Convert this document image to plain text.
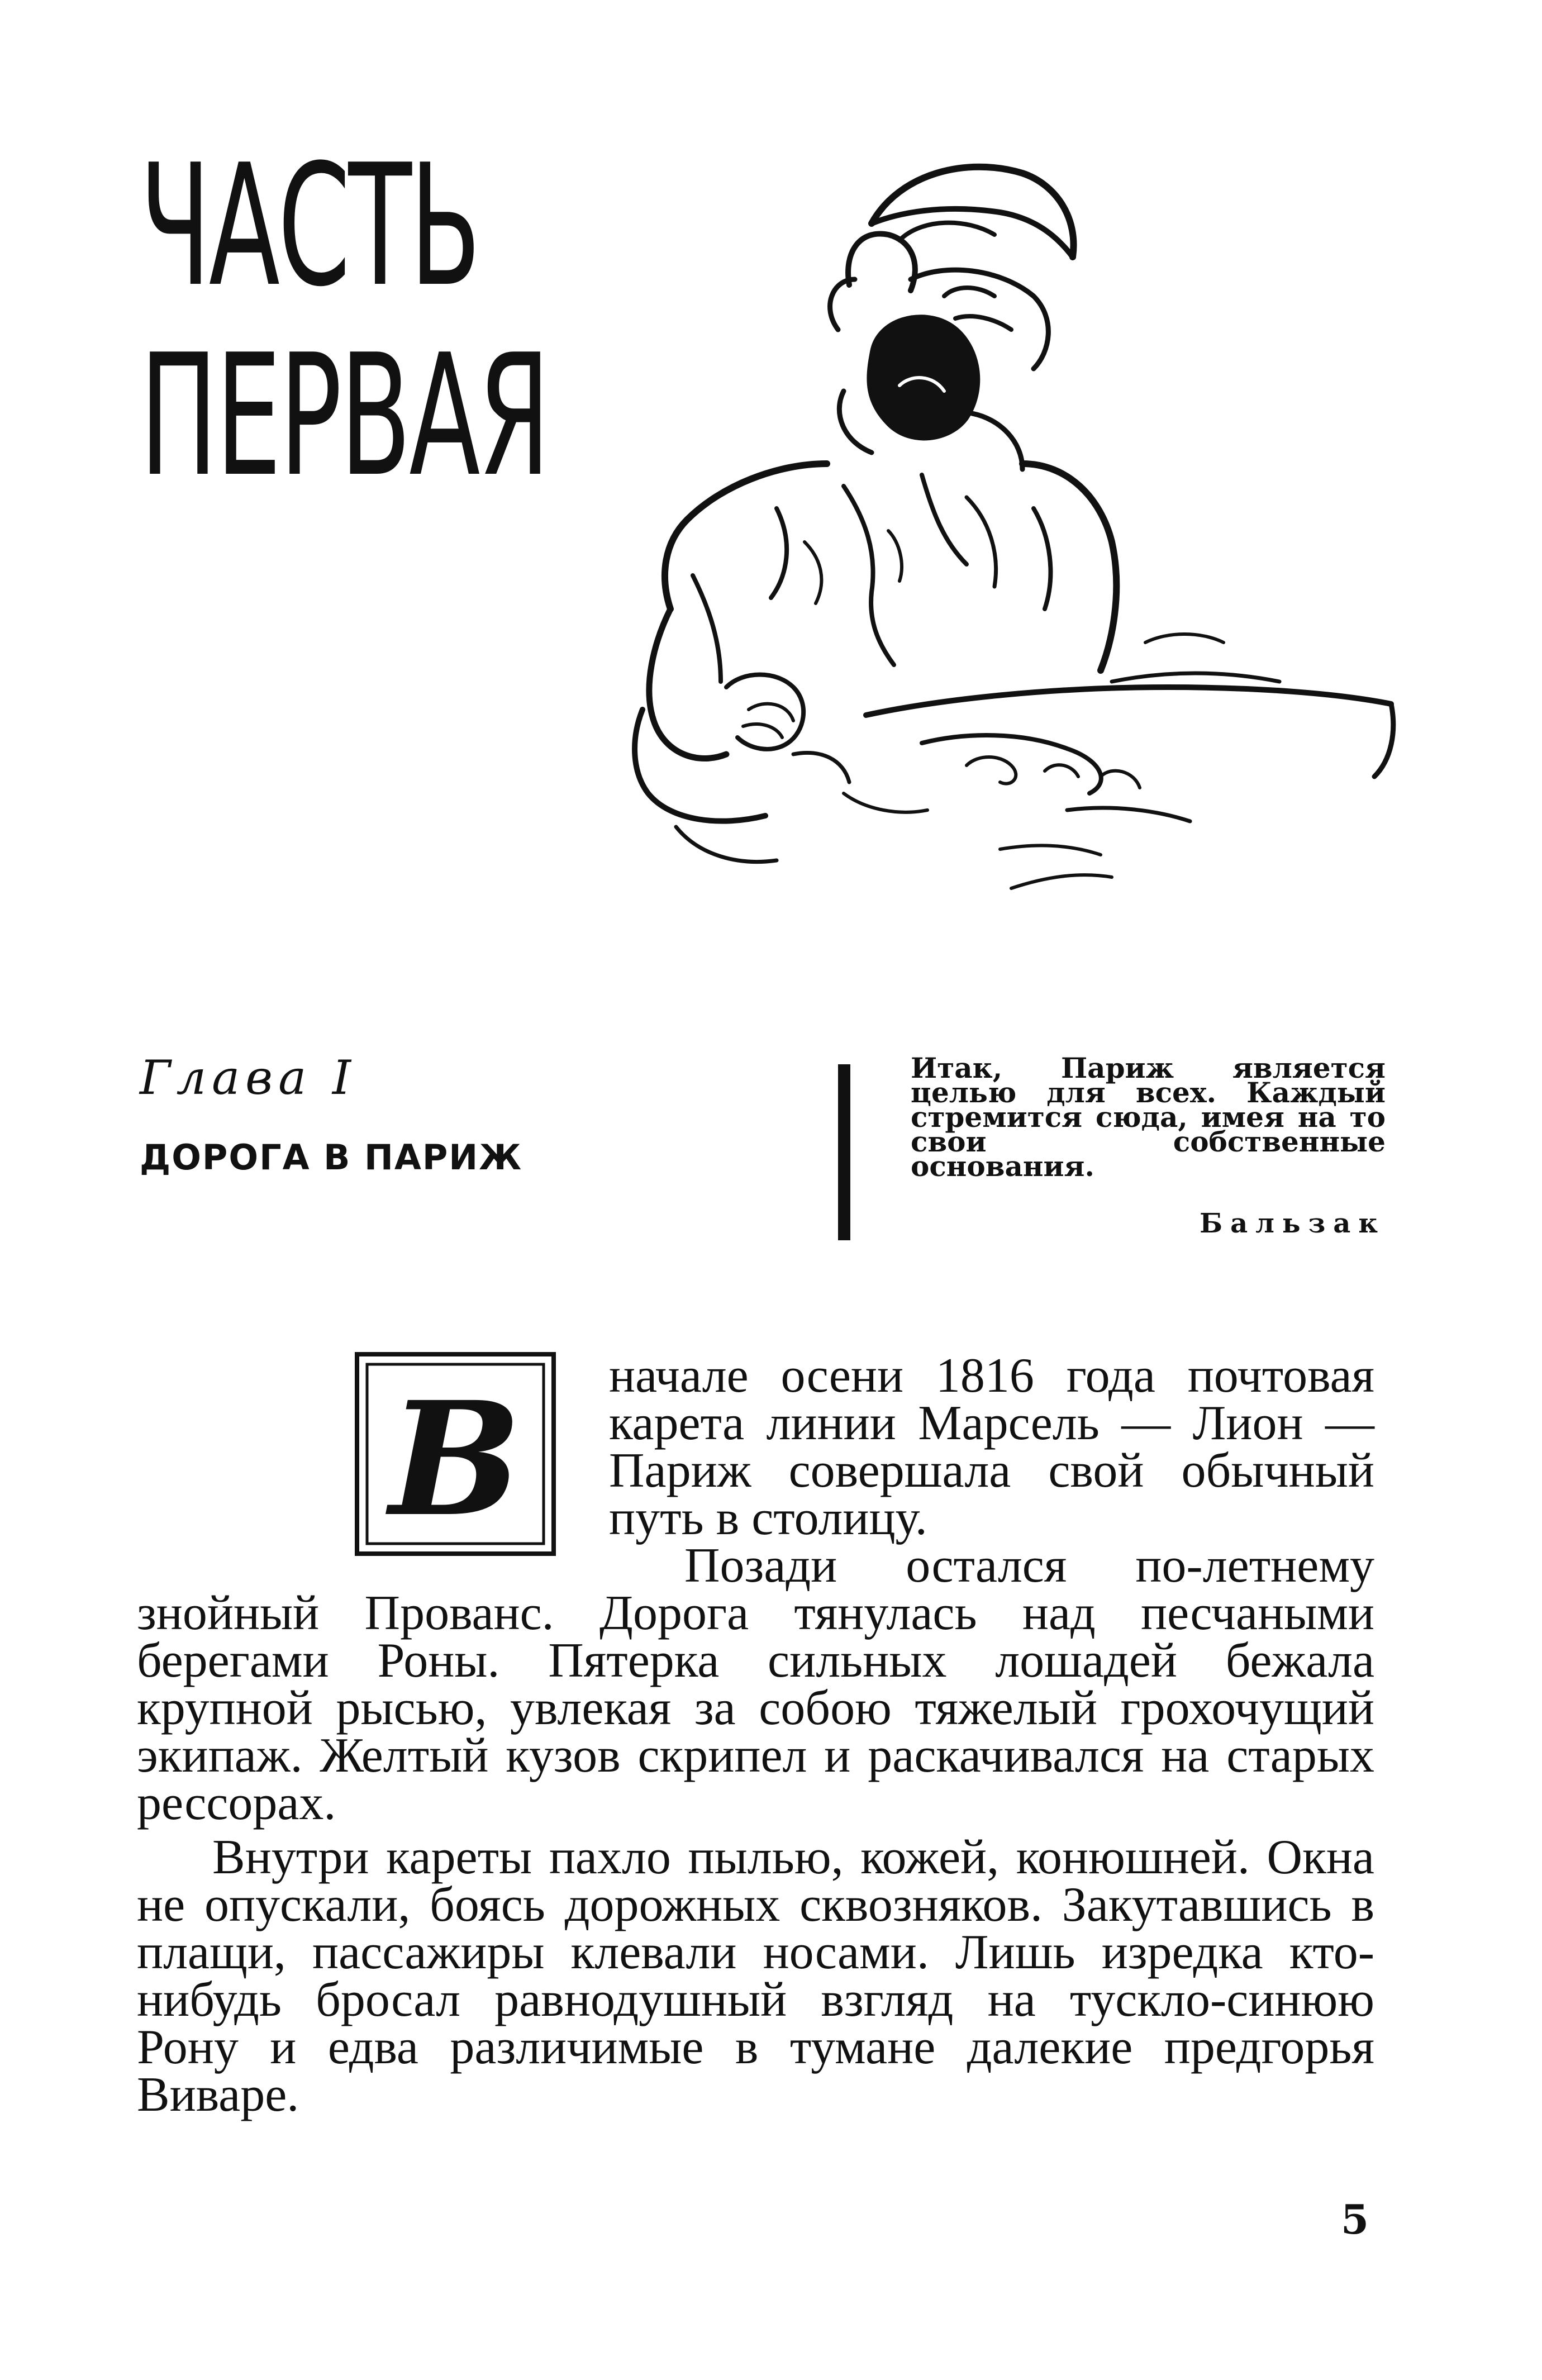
ЧАСТЬ
ПЕРВАЯ
Глава I
ДОРОГА В ПАРИЖ
Итак, Париж является целью для всех. Каждый стремится сюда, имея на то свои собственные основания.
Бальзак
В начале осени 1816 года почтовая карета линии Марсель — Лион — Париж совершала свой обычный путь в столицу.

Позади остался по-летнему знойный Прованс. Дорога тянулась над песчаными берегами Роны. Пятерка сильных лошадей бежала крупной рысью, увлекая за собою тяжелый грохочущий экипаж. Желтый кузов скрипел и раскачивался на старых рессорах.

Внутри кареты пахло пылью, кожей, конюшней. Окна не опускали, боясь дорожных сквозняков. Закутавшись в плащи, пассажиры клевали носами. Лишь изредка кто-нибудь бросал равнодушный взгляд на тускло-синюю Рону и едва различимые в тумане далекие предгорья Виваре.

5
